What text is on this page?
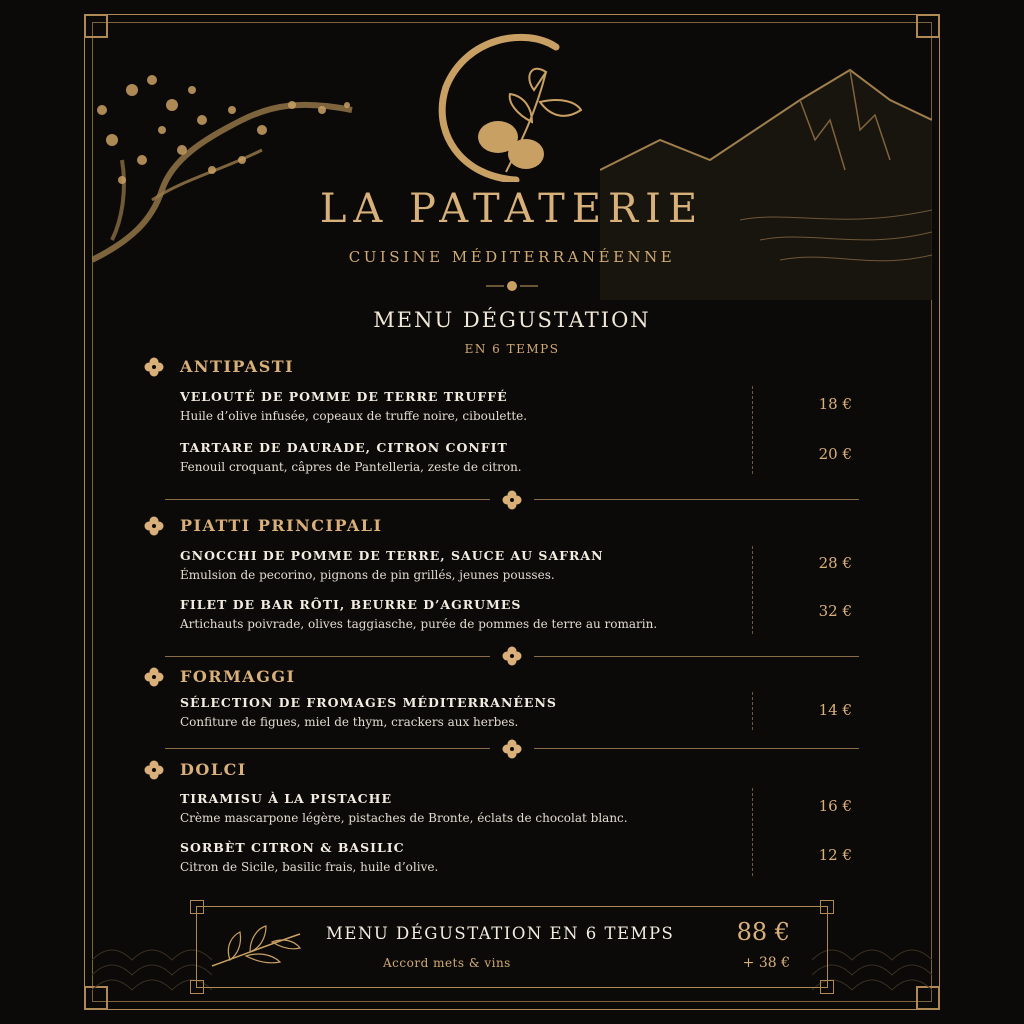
LA PATATERIE
CUISINE MÉDITERRANÉENNE
MENU DÉGUSTATION
EN 6 TEMPS
ANTIPASTI
VELOUTÉ DE POMME DE TERRE TRUFFÉ
Huile d’olive infusée, copeaux de truffe noire, ciboulette.
18 €
TARTARE DE DAURADE, CITRON CONFIT
Fenouil croquant, câpres de Pantelleria, zeste de citron.
20 €
PIATTI PRINCIPALI
GNOCCHI DE POMME DE TERRE, SAUCE AU SAFRAN
Émulsion de pecorino, pignons de pin grillés, jeunes pousses.
28 €
FILET DE BAR RÔTI, BEURRE D’AGRUMES
Artichauts poivrade, olives taggiasche, purée de pommes de terre au romarin.
32 €
FORMAGGI
SÉLECTION DE FROMAGES MÉDITERRANÉENS
Confiture de figues, miel de thym, crackers aux herbes.
14 €
DOLCI
TIRAMISU À LA PISTACHE
Crème mascarpone légère, pistaches de Bronte, éclats de chocolat blanc.
16 €
SORBÈT CITRON & BASILIC
Citron de Sicile, basilic frais, huile d’olive.
12 €
MENU DÉGUSTATION EN 6 TEMPS
Accord mets & vins
88 €
+ 38 €
